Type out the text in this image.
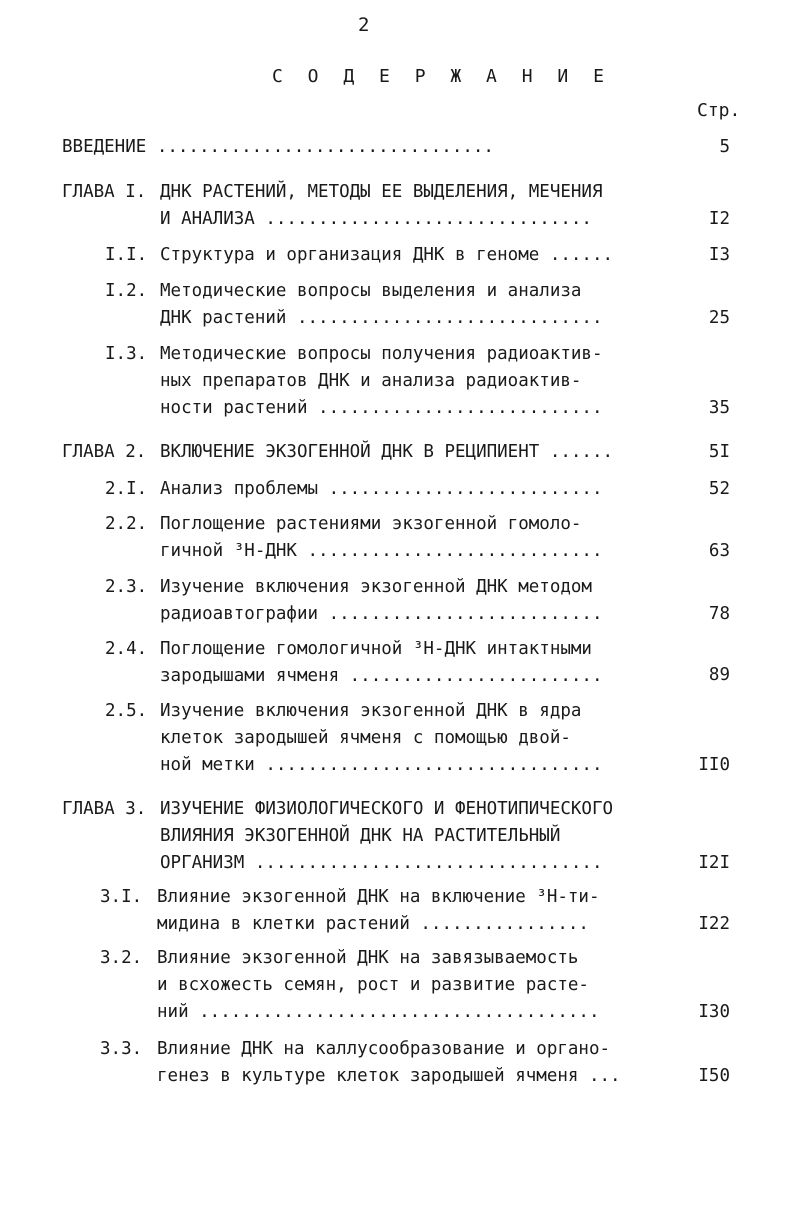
2
С О Д Е Р Ж А Н И Е
Стр.
ВВЕДЕНИЕ ................................	5
ГЛАВА I. ДНК РАСТЕНИЙ, МЕТОДЫ ЕЕ ВЫДЕЛЕНИЯ, МЕЧЕНИЯ
И АНАЛИЗА ...............................	I2
I.I. Структура и организация ДНК в геноме ......	I3
I.2. Методические вопросы выделения и анализа
ДНК растений .............................	25
I.3. Методические вопросы получения радиоактив-
ных препаратов ДНК и анализа радиоактив-
ности растений ...........................	35
ГЛАВА 2. ВКЛЮЧЕНИЕ ЭКЗОГЕННОЙ ДНК В РЕЦИПИЕНТ ......	5I
2.I. Анализ проблемы ..........................	52
2.2. Поглощение растениями экзогенной гомоло-
гичной ³Н-ДНК ............................	63
2.3. Изучение включения экзогенной ДНК методом
радиоавтографии ..........................	78
2.4. Поглощение гомологичной ³Н-ДНК интактными
зародышами ячменя ........................	89
2.5. Изучение включения экзогенной ДНК в ядра
клеток зародышей ячменя с помощью двой-
ной метки ................................	II0
ГЛАВА 3. ИЗУЧЕНИЕ ФИЗИОЛОГИЧЕСКОГО И ФЕНОТИПИЧЕСКОГО
ВЛИЯНИЯ ЭКЗОГЕННОЙ ДНК НА РАСТИТЕЛЬНЫЙ
ОРГАНИЗМ .................................	I2I
3.I. Влияние экзогенной ДНК на включение ³Н-ти-
мидина в клетки растений ................	I22
3.2. Влияние экзогенной ДНК на завязываемость
и всхожесть семян, рост и развитие расте-
ний ......................................	I30
3.3. Влияние ДНК на каллусообразование и органо-
генез в культуре клеток зародышей ячменя ...	I50
